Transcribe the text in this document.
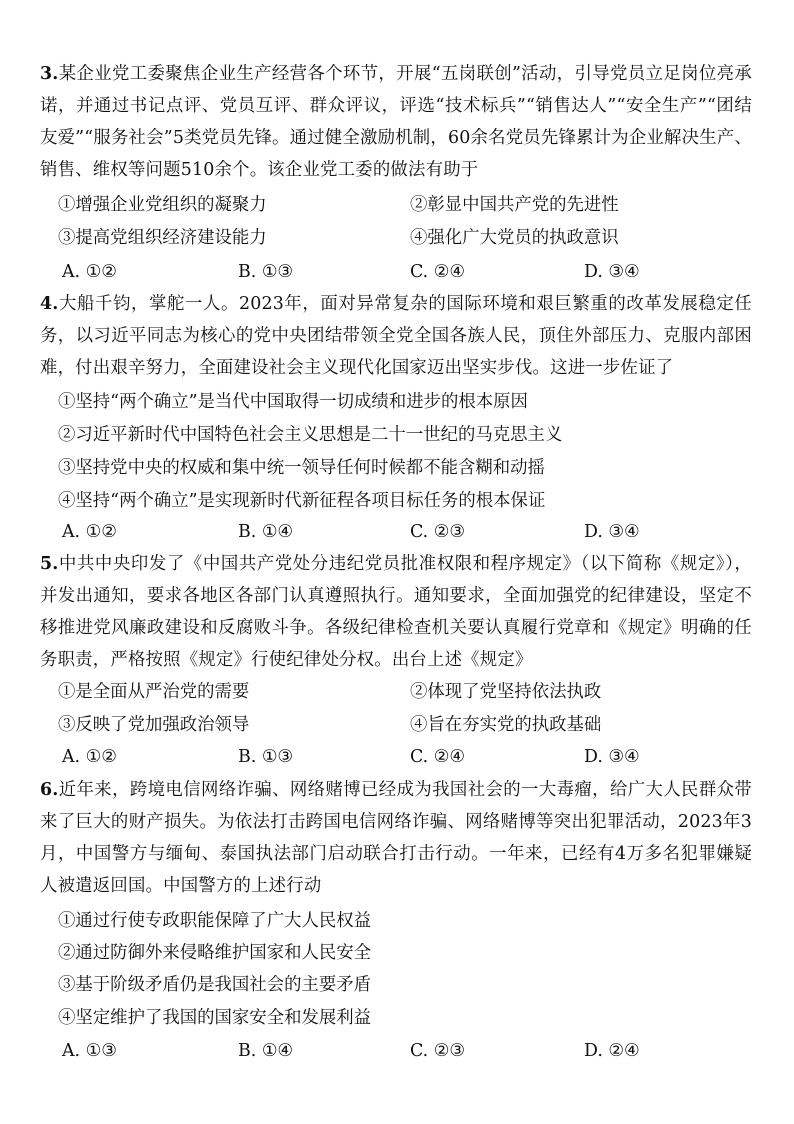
3.某企业党工委聚焦企业生产经营各个环节，开展“五岗联创”活动，引导党员立足岗位亮承诺，并通过书记点评、党员互评、群众评议，评选“技术标兵”“销售达人”“安全生产”“团结友爱”“服务社会”5类党员先锋。通过健全激励机制，60余名党员先锋累计为企业解决生产、销售、维权等问题510余个。该企业党工委的做法有助于

①增强企业党组织的凝聚力	②彰显中国共产党的先进性
③提高党组织经济建设能力	④强化广大党员的执政意识
A. ①②	B. ①③	C. ②④	D. ③④

4.大船千钧，掌舵一人。2023年，面对异常复杂的国际环境和艰巨繁重的改革发展稳定任务，以习近平同志为核心的党中央团结带领全党全国各族人民，顶住外部压力、克服内部困难，付出艰辛努力，全面建设社会主义现代化国家迈出坚实步伐。这进一步佐证了

①坚持“两个确立”是当代中国取得一切成绩和进步的根本原因
②习近平新时代中国特色社会主义思想是二十一世纪的马克思主义
③坚持党中央的权威和集中统一领导任何时候都不能含糊和动摇
④坚持“两个确立”是实现新时代新征程各项目标任务的根本保证
A. ①②	B. ①④	C. ②③	D. ③④

5.中共中央印发了《中国共产党处分违纪党员批准权限和程序规定》（以下简称《规定》），并发出通知，要求各地区各部门认真遵照执行。通知要求，全面加强党的纪律建设，坚定不移推进党风廉政建设和反腐败斗争。各级纪律检查机关要认真履行党章和《规定》明确的任务职责，严格按照《规定》行使纪律处分权。出台上述《规定》

①是全面从严治党的需要	②体现了党坚持依法执政
③反映了党加强政治领导	④旨在夯实党的执政基础
A. ①②	B. ①③	C. ②④	D. ③④

6.近年来，跨境电信网络诈骗、网络赌博已经成为我国社会的一大毒瘤，给广大人民群众带来了巨大的财产损失。为依法打击跨国电信网络诈骗、网络赌博等突出犯罪活动，2023年3月，中国警方与缅甸、泰国执法部门启动联合打击行动。一年来，已经有4万多名犯罪嫌疑人被遣返回国。中国警方的上述行动

①通过行使专政职能保障了广大人民权益
②通过防御外来侵略维护国家和人民安全
③基于阶级矛盾仍是我国社会的主要矛盾
④坚定维护了我国的国家安全和发展利益
A. ①③	B. ①④	C. ②③	D. ②④
